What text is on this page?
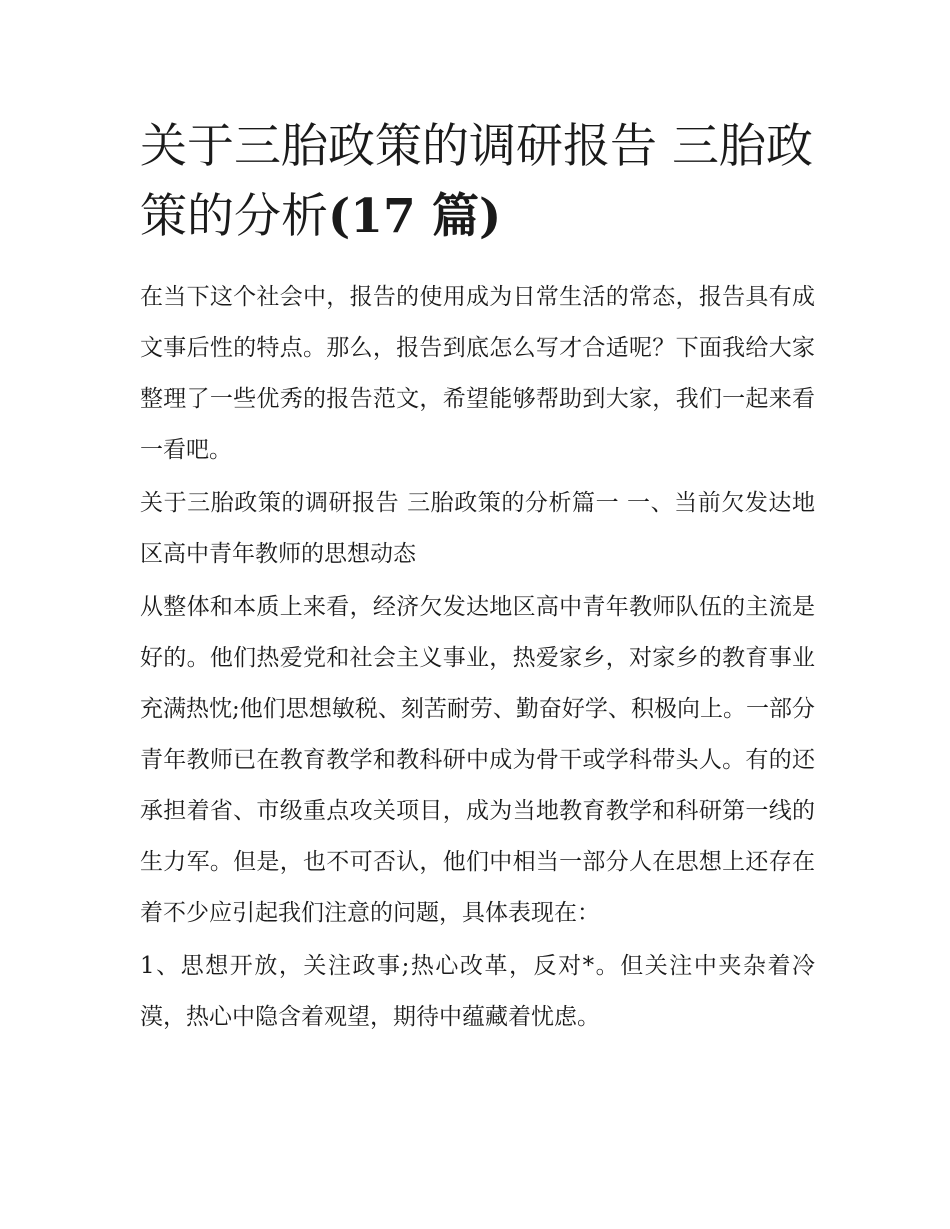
关于三胎政策的调研报告 三胎政策的分析(17 篇)

在当下这个社会中，报告的使用成为日常生活的常态，报告具有成文事后性的特点。那么，报告到底怎么写才合适呢？下面我给大家整理了一些优秀的报告范文，希望能够帮助到大家，我们一起来看一看吧。

关于三胎政策的调研报告 三胎政策的分析篇一 一、当前欠发达地区高中青年教师的思想动态

从整体和本质上来看，经济欠发达地区高中青年教师队伍的主流是好的。他们热爱党和社会主义事业，热爱家乡，对家乡的教育事业充满热忱;他们思想敏税、刻苦耐劳、勤奋好学、积极向上。一部分青年教师已在教育教学和教科研中成为骨干或学科带头人。有的还承担着省、市级重点攻关项目，成为当地教育教学和科研第一线的生力军。但是，也不可否认，他们中相当一部分人在思想上还存在着不少应引起我们注意的问题，具体表现在：

1、思想开放，关注政事;热心改革，反对*。但关注中夹杂着冷漠，热心中隐含着观望，期待中蕴藏着忧虑。
